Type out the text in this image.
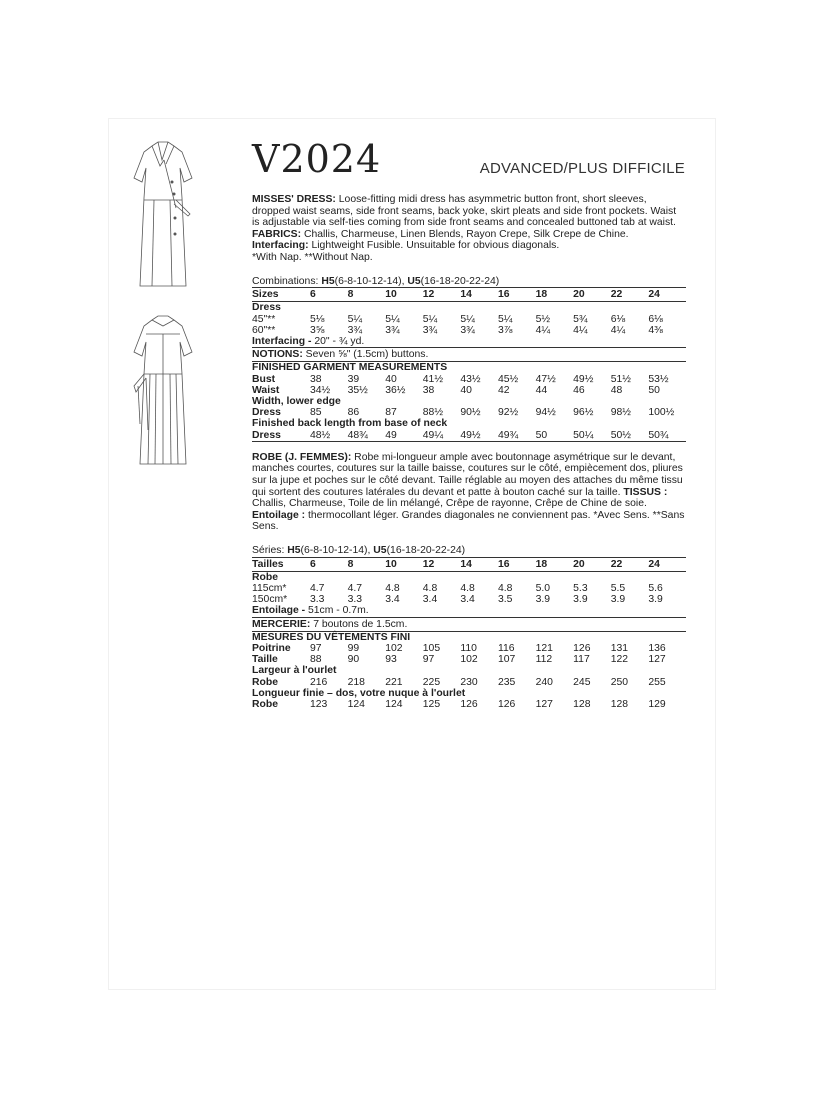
V2024	ADVANCED/PLUS DIFFICILE

MISSES' DRESS: Loose-fitting midi dress has asymmetric button front, short sleeves, dropped waist seams, side front seams, back yoke, skirt pleats and side front pockets. Waist is adjustable via self-ties coming from side front seams and concealed buttoned tab at waist. FABRICS: Challis, Charmeuse, Linen Blends, Rayon Crepe, Silk Crepe de Chine. Interfacing: Lightweight Fusible. Unsuitable for obvious diagonals.
*With Nap. **Without Nap.

Combinations: H5(6-8-10-12-14), U5(16-18-20-22-24)
Sizes	6	8	10	12	14	16	18	20	22	24
Dress										
45"**	5⅛	5¼	5¼	5¼	5¼	5¼	5½	5¾	6⅛	6⅛
60"**	3⅝	3¾	3¾	3¾	3¾	3⅞	4¼	4¼	4¼	4⅜
Interfacing - 20" - ¾ yd.										
NOTIONS: Seven ⅝" (1.5cm) buttons.										
FINISHED GARMENT MEASUREMENTS										
Bust	38	39	40	41½	43½	45½	47½	49½	51½	53½
Waist	34½	35½	36½	38	40	42	44	46	48	50
Width, lower edge										
Dress	85	86	87	88½	90½	92½	94½	96½	98½	100½
Finished back length from base of neck										
Dress	48½	48¾	49	49¼	49½	49¾	50	50¼	50½	50¾

ROBE (J. FEMMES): Robe mi-longueur ample avec boutonnage asymétrique sur le devant, manches courtes, coutures sur la taille baisse, coutures sur le côté, empiècement dos, pliures sur la jupe et poches sur le côté devant. Taille réglable au moyen des attaches du même tissu qui sortent des coutures latérales du devant et patte à bouton caché sur la taille. TISSUS : Challis, Charmeuse, Toile de lin mélangé, Crêpe de rayonne, Crêpe de Chine de soie. Entoilage : thermocollant léger. Grandes diagonales ne conviennent pas. *Avec Sens. **Sans Sens.

Séries: H5(6-8-10-12-14), U5(16-18-20-22-24)
Tailles	6	8	10	12	14	16	18	20	22	24
Robe										
115cm*	4.7	4.7	4.8	4.8	4.8	4.8	5.0	5.3	5.5	5.6
150cm*	3.3	3.3	3.4	3.4	3.4	3.5	3.9	3.9	3.9	3.9
Entoilage - 51cm - 0.7m.										
MERCERIE: 7 boutons de 1.5cm.										
MESURES DU VÊTEMENTS FINI										
Poitrine	97	99	102	105	110	116	121	126	131	136
Taille	88	90	93	97	102	107	112	117	122	127
Largeur à l'ourlet										
Robe	216	218	221	225	230	235	240	245	250	255
Longueur finie – dos, votre nuque à l'ourlet										
Robe	123	124	124	125	126	126	127	128	128	129
